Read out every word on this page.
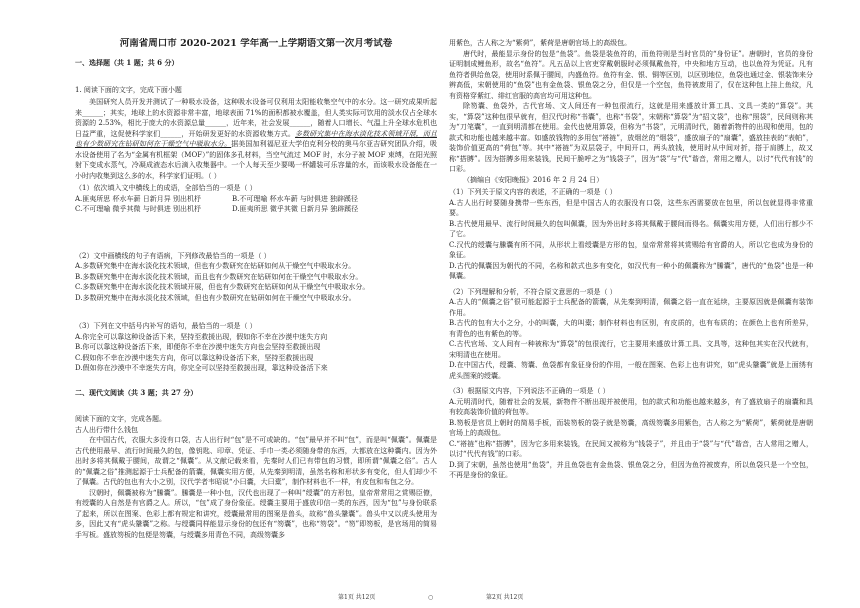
河南省周口市 2020-2021 学年高一上学期语文第一次月考试卷
一、选择题（共 1 题；共 6 分）
1. 阅读下面的文字，完成下面小题

美国研究人员开发并测试了一种吸水设备，这种吸水设备可仅利用太阳能收集空气中的水分。这一研究成果听起来______；其实，地球上的水资源非常丰富，地球表面 71%的面积都被水覆盖，但人类实际可饮用的淡水仅占全球水资源的 2.53%，相比于庞大的水资源总量______，近年来，社会发展______，随着人口增长、气温上升全球水危机也日益严重，这促使科学家们______，开始研发更好的水资源收集方式。多数研究集中在海水淡化技术领域开展，而且也有少数研究在钻研如何在干燥空气中吸取水分。据美国加利福尼亚大学伯克利分校的奥马尔亚吉研究团队介绍，吸水设备使用了名为“金属有机框架（MOF）”的固体多孔材料，当空气流过 MOF 时，水分子被 MOF 束缚，在阳光照射下变成水蒸气，冷凝成液态水后滴入收集器中。一个人每天至少要喝一杯罐装可乐容量的水，而该吸水设备能在一小时内收集到这么多的水，科学家们证明。（ ）

（1）依次填入文中横线上的成语，全部恰当的一项是（ ）
A.匪夷所思 杯水车薪 日新月异 别出机杼	B.不可理喻 杯水车薪 与时俱进 独辟蹊径
C.不可理喻 微乎其微 与时俱进 别出机杼	D.匪夷所思 微乎其微 日新月异 独辟蹊径
（2）文中画横线的句子有语病，下列修改最恰当的一项是（ ）

A.多数研究集中在海水淡化技术领域，但也有少数研究在钻研如何从干燥空气中吸取水分。

B.多数研究集中在海水淡化技术领域，而且也有少数研究在钻研如何在干燥空气中吸取水分。

C.多数研究集中在海水淡化技术领域开展，但也有少数研究在钻研如何从干燥空气中吸取水分。

D.多数研究集中在海水淡化技术领域，但也有少数研究在钻研如何在干燥空气中吸取水分。

（3）下列在文中括号内补写的语句，最恰当的一项是（ ）

A.你完全可以靠这种设备活下来，坚持至救援出现，假如你不幸在沙漠中迷失方向

B.你可以靠这种设备活下来，即便你不幸在沙漠中迷失方向也会坚持至救援出现

C.假如你不幸在沙漠中迷失方向，你可以靠这种设备活下来，坚持至救援出现

D.假如你在沙漠中不幸迷失方向，你完全可以坚持至救援出现，靠这种设备活下来

二、现代文阅读（共 3 题；共 27 分）
阅读下面的文字，完成各题。
古人出行带什么钱包

在中国古代，衣服大多没有口袋，古人出行时“包”是不可或缺的。“包”最早并不叫“包”，而是叫“佩囊”。佩囊是古代使用最早、流行时间最久的包，像钥匙、印章、凭证、手巾一类必须随身带的东西，大都放在这种囊内。因为外出时多将其佩戴于腰间，故谓之“佩囊”。从文献记载来看，先秦时人们已有带包的习惯，即所谓“佩囊之俗”。古人的“佩囊之俗”推测起源于士兵配备的箭囊，佩囊实用方便，从先秦到明清，虽然名称和形状多有变化，但人们却少不了佩囊。古代的包也有大小之别，汉代学者韦昭说“小曰囊，大曰橐”，制作材料也不一样，有皮包和布包之分。

汉朝时，佩囊被称为“縢囊”。縢囊是一种小包，汉代也出现了一种叫“绶囊”的方形包，皇帝常常用之赏赐臣僚，有绶囊的人自然是有官爵之人。所以，“包”成了身份象征。绶囊主要用于盛放印信一类的东西，因为“包”与身份联系了起来，所以在图案、色彩上都有规定和讲究，绶囊最常用的图案是兽头，故称“兽头鞶囊”。兽头中又以虎头使用为多，因此又有“虎头鞶囊”之称。与绶囊同样能显示身份的包还有“笏囊”，也称“笏袋”。“笏”即笏板，是官场用的简易手写板。盛放笏板的包便是笏囊，与绶囊多用青色不同，高级笏囊多

用紫色，古人称之为“紫荷”，紫荷是唐朝官场上的高级包。

唐代时，最能显示身份的包是“鱼袋”。鱼袋是装鱼符的，而鱼符则是当时官员的“身份证”。唐朝时，官员的身份证明制成鲤鱼形，故名“鱼符”。凡五品以上官吏穿戴朝服时必须佩戴鱼符，中央和地方互动，也以鱼符为凭证。凡有鱼符者俱给鱼袋，使用时系佩于腰间，内盛鱼符。鱼符有金、银、铜等区别，以区别地位，鱼袋也通过金、银装饰来分辨高低，宋朝使用的“鱼袋”也有金鱼袋、银鱼袋之分，但仅是一个空包，鱼符被废用了，仅在这种包上挂上鱼纹，凡有资格穿紫红、绯红官服的高官均可用这种包。

除笏囊、鱼袋外，古代官场、文人间还有一种包很流行，这就是用来盛放计算工具、文具一类的“算袋”。其实，“算袋”这种包很早就有，但汉代时称“书囊”，也称“书袋”，宋朝称“算袋”为“招文袋”，也称“照袋”，民间则称其为“刀笔囊”，一直到明清都在使用。金代也使用算袋，但称为“书袋”，元明清时代，随着新物件的出现和使用，包的款式和功能也越来越丰富。如盛放钱物的多用包“褡裢”，放烟丝的“烟袋”，盛放扇子的“扇囊”，盛放挂表的“表帕”，装饰价值更高的“荷包”等。其中“褡裢”为双层袋子，中间开口，两头放钱，使用时从中间对折，搭于肩膊上，故又称“搭膊”。因为搭膊多用来装钱，民间干脆呼之为“钱袋子”，因为“袋”与“代”谐音，常用之赠人，以讨“代代有钱”的口彩。

（摘编自《安阳晚报》2016 年 2 月 24 日）

（1）下列关于原文内容的表述，不正确的一项是（ ）

A.古人出行时要随身携带一些东西，但是中国古人的衣服没有口袋，这些东西需要放在包里，所以包就显得非常重要。

B.古代使用最早、流行时间最久的包叫佩囊，因为外出时多将其佩戴于腰间而得名。佩囊实用方便，人们出行都少不了它。

C.汉代的绶囊与縢囊有所不同，从形状上看绶囊是方形的包，皇帝常常将其赏赐给有官爵的人，所以它也成为身份的象征。

D.古代的佩囊因为朝代的不同，名称和款式也多有变化，如汉代有一种小的佩囊称为“縢囊”，唐代的“鱼袋”也是一种佩囊。

（2）下列理解和分析，不符合原文意思的一项是（ ）

A.古人的“佩囊之俗”很可能起源于士兵配备的箭囊，从先秦到明清，佩囊之俗一直在延续，主要原因就是佩囊有装饰作用。

B.古代的包有大小之分，小的叫囊，大的叫橐；制作材料也有区别，有皮质的，也有布质的；在颜色上也有所差异，有青色的也有紫色的等。

C.古代官场、文人间有一种被称为“算袋”的包很流行，它主要用来盛放计算工具、文具等，这种包其实在汉代就有，宋明清也在使用。

D.在中国古代，绶囊、笏囊、鱼袋都有象征身份的作用，一般在图案、色彩上也有讲究，如“虎头鞶囊”就是上面绣有虎头图案的绶囊。

（3）根据原文内容，下列说法不正确的一项是（ ）

A.元明清时代，随着社会的发展，新物件不断出现并被使用，包的款式和功能也越来越多，有了盛放扇子的扇囊和具有较高装饰价值的荷包等。

B.笏板是官员上朝时的简易手板，而装笏板的袋子就是笏囊，高级笏囊多用紫色，古人称之为“紫荷”，紫荷就是唐朝官场上的高级包。

C.“褡裢”也称“搭膊”，因为它多用来装钱，在民间又被称为“钱袋子”，并且由于“袋”与“代”谐音，古人常用之赠人，以讨“代代有钱”的口彩。

D.到了宋朝，虽然也使用“鱼袋”，并且鱼袋也有金鱼袋、银鱼袋之分，但因为鱼符被废弃，所以鱼袋只是一个空包，不再是身份的象征。

第1页 共12页	○	第2页 共12页
